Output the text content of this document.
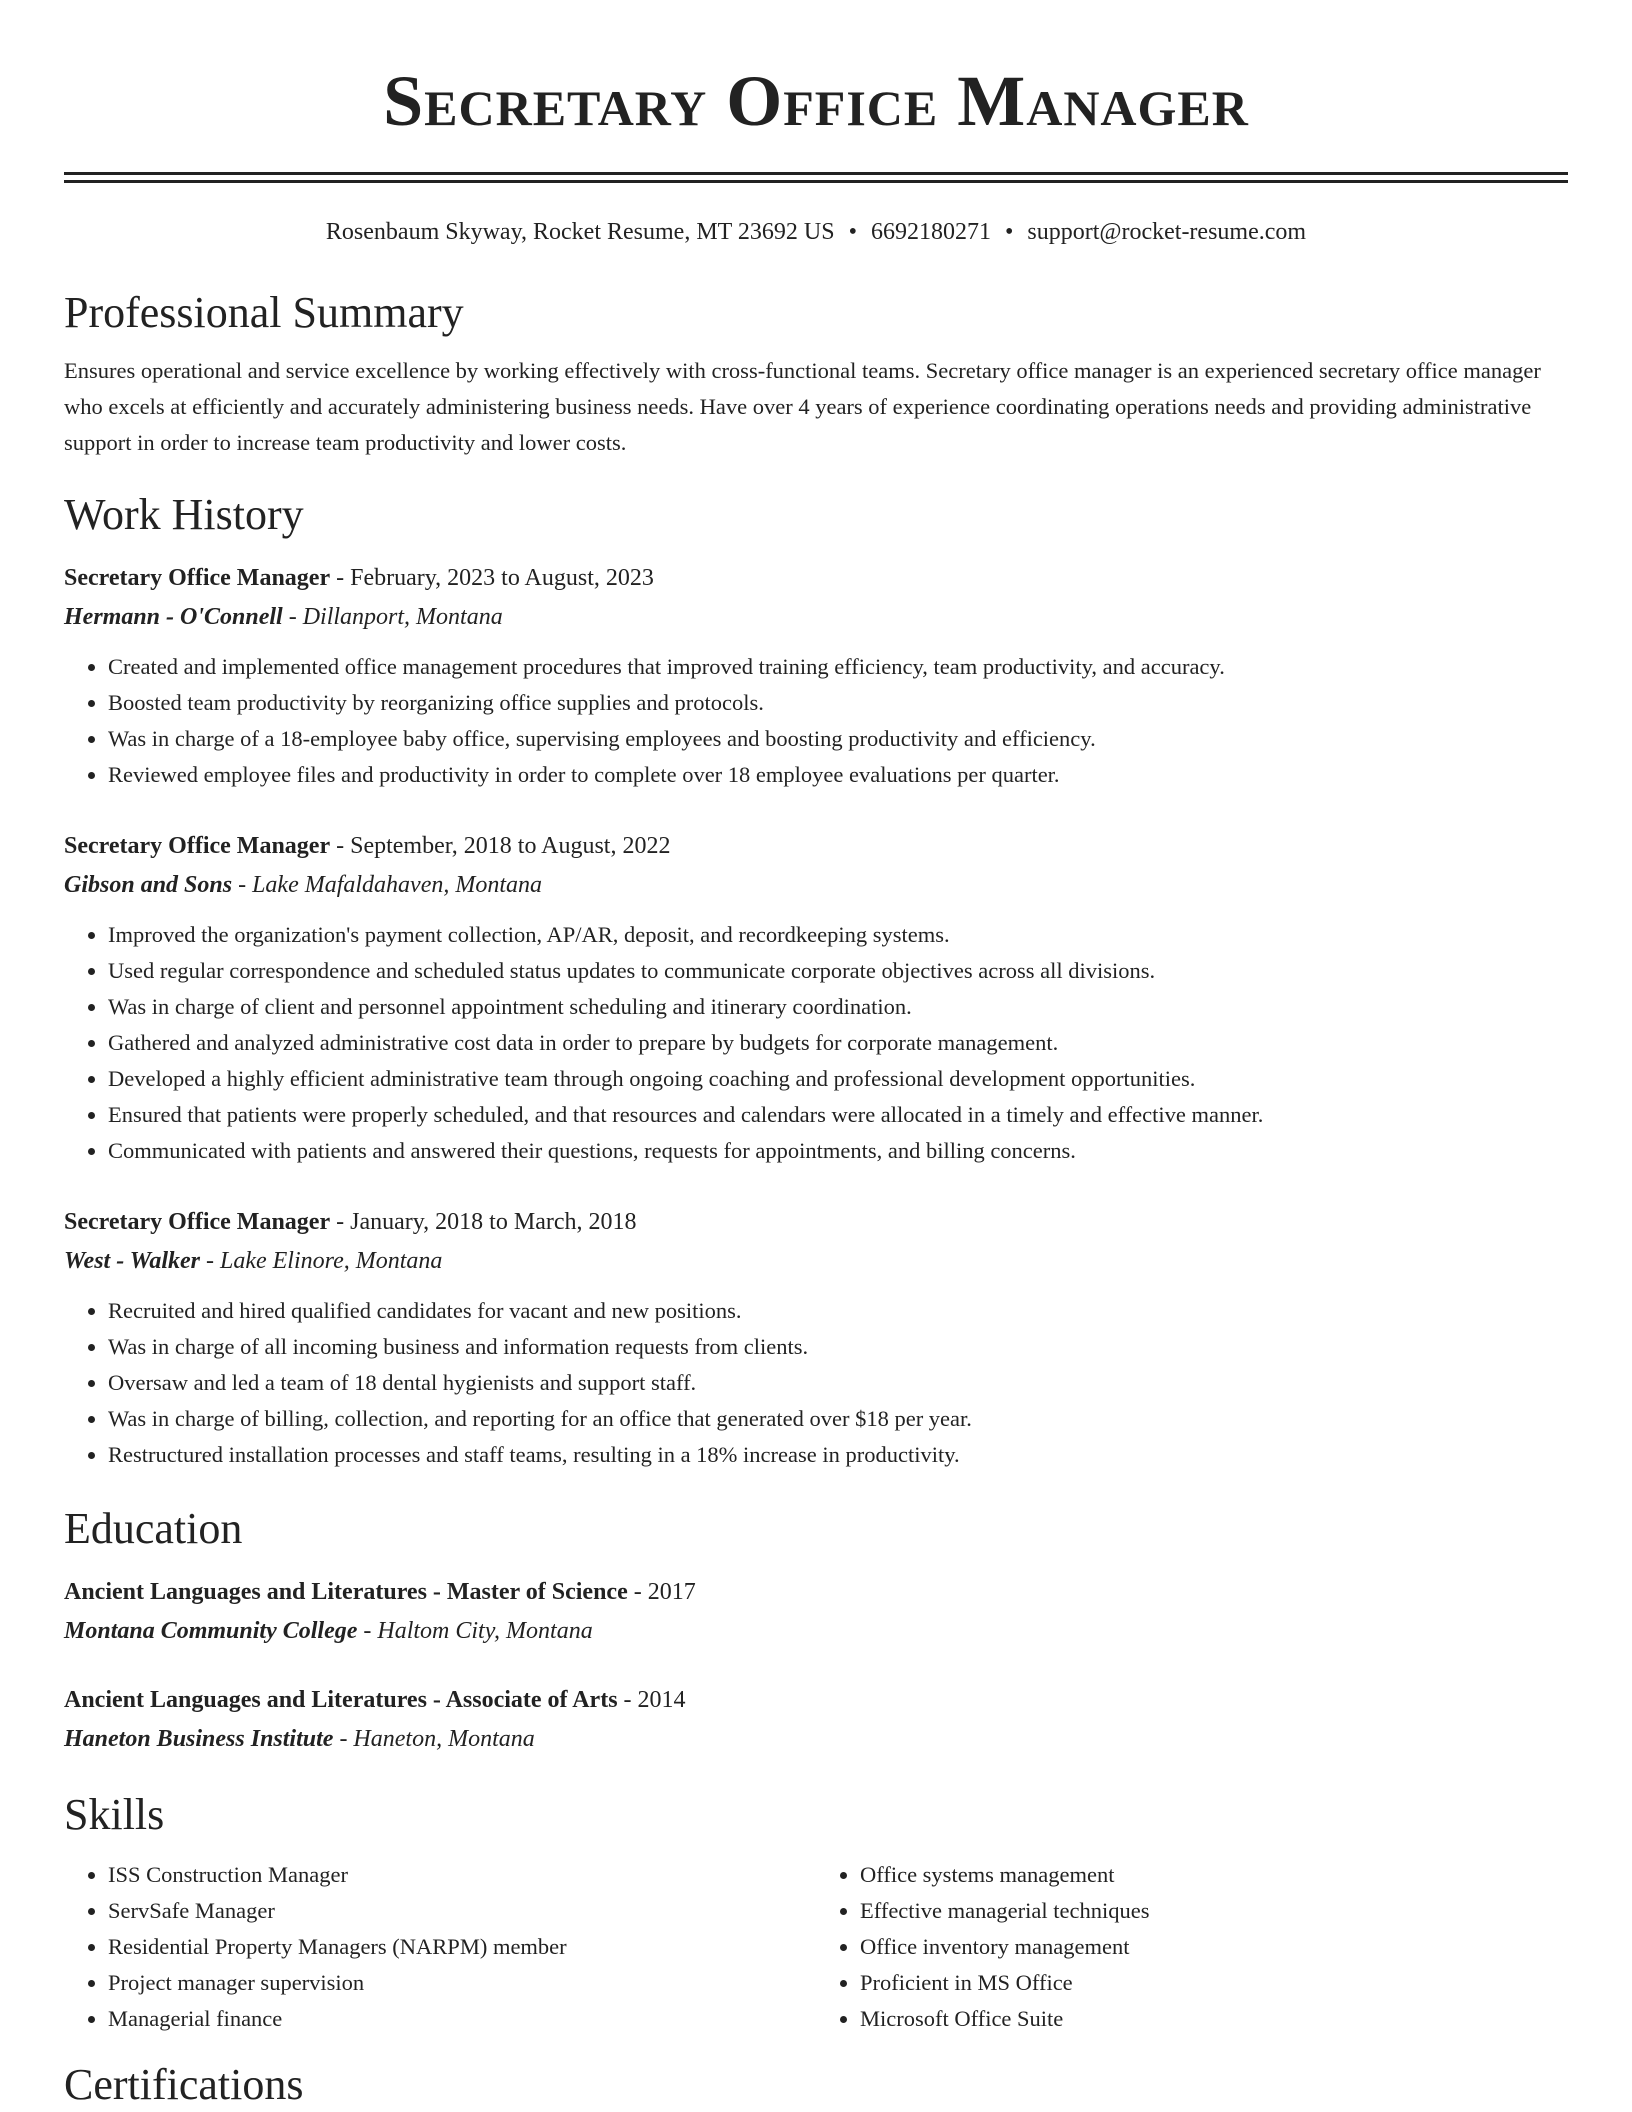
Secretary Office Manager
Rosenbaum Skyway, Rocket Resume, MT 23692 US • 6692180271 • support@rocket-resume.com
Professional Summary

Ensures operational and service excellence by working effectively with cross-functional teams. Secretary office manager is an experienced secretary office manager who excels at efficiently and accurately administering business needs. Have over 4 years of experience coordinating operations needs and providing administrative support in order to increase team productivity and lower costs.

Work History
Secretary Office Manager - February, 2023 to August, 2023
Hermann - O'Connell - Dillanport, Montana
• Created and implemented office management procedures that improved training efficiency, team productivity, and accuracy.
• Boosted team productivity by reorganizing office supplies and protocols.
• Was in charge of a 18-employee baby office, supervising employees and boosting productivity and efficiency.
• Reviewed employee files and productivity in order to complete over 18 employee evaluations per quarter.
Secretary Office Manager - September, 2018 to August, 2022
Gibson and Sons - Lake Mafaldahaven, Montana
• Improved the organization's payment collection, AP/AR, deposit, and recordkeeping systems.
• Used regular correspondence and scheduled status updates to communicate corporate objectives across all divisions.
• Was in charge of client and personnel appointment scheduling and itinerary coordination.
• Gathered and analyzed administrative cost data in order to prepare by budgets for corporate management.
• Developed a highly efficient administrative team through ongoing coaching and professional development opportunities.
• Ensured that patients were properly scheduled, and that resources and calendars were allocated in a timely and effective manner.
• Communicated with patients and answered their questions, requests for appointments, and billing concerns.
Secretary Office Manager - January, 2018 to March, 2018
West - Walker - Lake Elinore, Montana
• Recruited and hired qualified candidates for vacant and new positions.
• Was in charge of all incoming business and information requests from clients.
• Oversaw and led a team of 18 dental hygienists and support staff.
• Was in charge of billing, collection, and reporting for an office that generated over $18 per year.
• Restructured installation processes and staff teams, resulting in a 18% increase in productivity.
Education
Ancient Languages and Literatures - Master of Science - 2017
Montana Community College - Haltom City, Montana
Ancient Languages and Literatures - Associate of Arts - 2014
Haneton Business Institute - Haneton, Montana
Skills
• ISS Construction Manager
• ServSafe Manager
• Residential Property Managers (NARPM) member
• Project manager supervision
• Managerial finance
• Office systems management
• Effective managerial techniques
• Office inventory management
• Proficient in MS Office
• Microsoft Office Suite
Certifications
